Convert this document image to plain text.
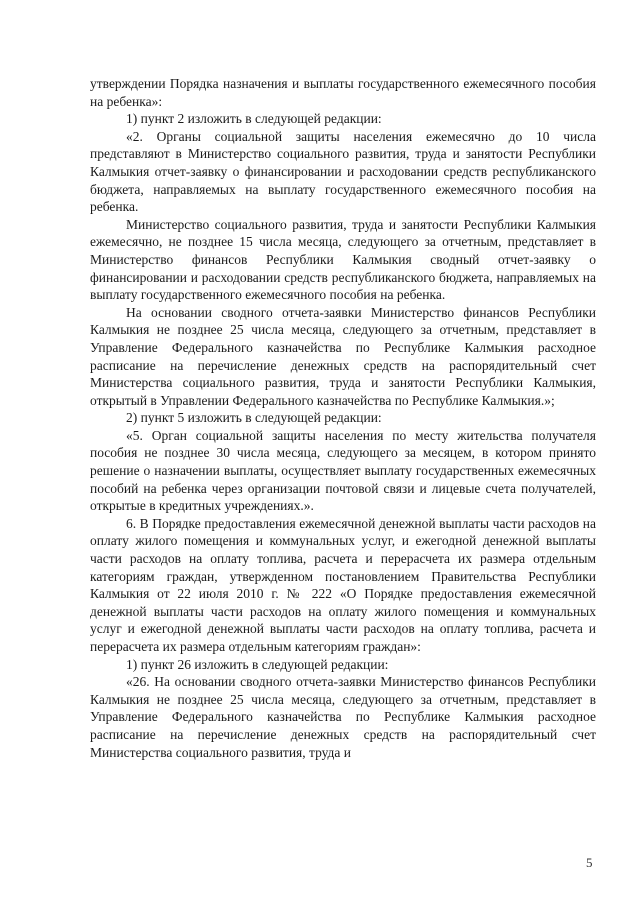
утверждении Порядка назначения и выплаты государственного ежемесячного пособия на ребенка»:

1) пункт 2 изложить в следующей редакции:

«2. Органы социальной защиты населения ежемесячно до 10 числа представляют в Министерство социального развития, труда и занятости Республики Калмыкия отчет-заявку о финансировании и расходовании средств республиканского бюджета, направляемых на выплату государственного ежемесячного пособия на ребенка.

Министерство социального развития, труда и занятости Республики Калмыкия ежемесячно, не позднее 15 числа месяца, следующего за отчетным, представляет в Министерство финансов Республики Калмыкия сводный отчет-заявку о финансировании и расходовании средств республиканского бюджета, направляемых на выплату государственного ежемесячного пособия на ребенка.

На основании сводного отчета-заявки Министерство финансов Республики Калмыкия не позднее 25 числа месяца, следующего за отчетным, представляет в Управление Федерального казначейства по Республике Калмыкия расходное расписание на перечисление денежных средств на распорядительный счет Министерства социального развития, труда и занятости Республики Калмыкия, открытый в Управлении Федерального казначейства по Республике Калмыкия.»;

2) пункт 5 изложить в следующей редакции:

«5. Орган социальной защиты населения по месту жительства получателя пособия не позднее 30 числа месяца, следующего за месяцем, в котором принято решение о назначении выплаты, осуществляет выплату государственных ежемесячных пособий на ребенка через организации почтовой связи и лицевые счета получателей, открытые в кредитных учреждениях.».

6. В Порядке предоставления ежемесячной денежной выплаты части расходов на оплату жилого помещения и коммунальных услуг, и ежегодной денежной выплаты части расходов на оплату топлива, расчета и перерасчета их размера отдельным категориям граждан, утвержденном постановлением Правительства Республики Калмыкия от 22 июля 2010 г. № 222 «О Порядке предоставления ежемесячной денежной выплаты части расходов на оплату жилого помещения и коммунальных услуг и ежегодной денежной выплаты части расходов на оплату топлива, расчета и перерасчета их размера отдельным категориям граждан»:

1) пункт 26 изложить в следующей редакции:

«26. На основании сводного отчета-заявки Министерство финансов Республики Калмыкия не позднее 25 числа месяца, следующего за отчетным, представляет в Управление Федерального казначейства по Республике Калмыкия расходное расписание на перечисление денежных средств на распорядительный счет Министерства социального развития, труда и

5
